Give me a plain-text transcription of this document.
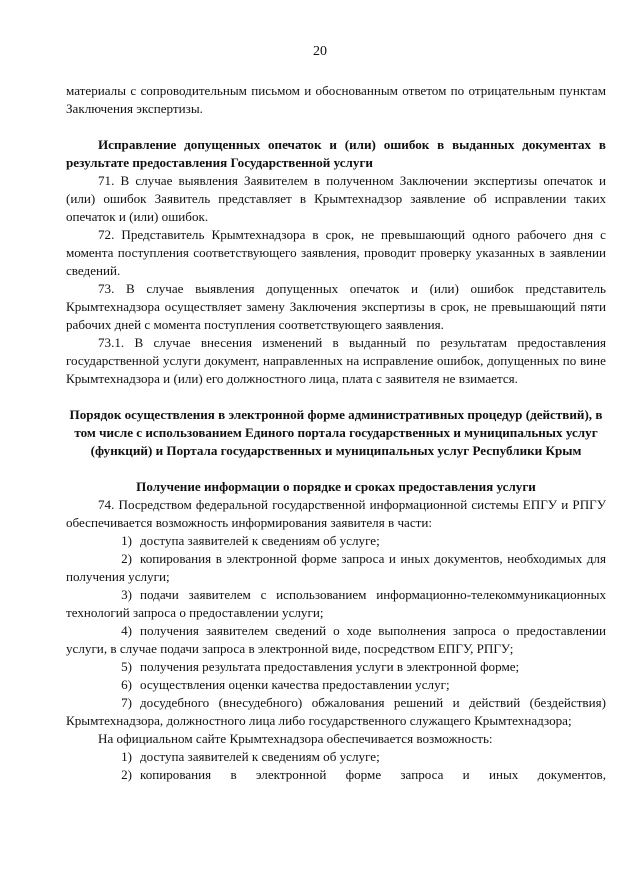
20

материалы с сопроводительным письмом и обоснованным ответом по отрицательным пунктам Заключения экспертизы.

Исправление допущенных опечаток и (или) ошибок в выданных документах в результате предоставления Государственной услуги

71. В случае выявления Заявителем в полученном Заключении экспертизы опечаток и (или) ошибок Заявитель представляет в Крымтехнадзор заявление об исправлении таких опечаток и (или) ошибок.

72. Представитель Крымтехнадзора в срок, не превышающий одного рабочего дня с момента поступления соответствующего заявления, проводит проверку указанных в заявлении сведений.

73. В случае выявления допущенных опечаток и (или) ошибок представитель Крымтехнадзора осуществляет замену Заключения экспертизы в срок, не превышающий пяти рабочих дней с момента поступления соответствующего заявления.

73.1. В случае внесения изменений в выданный по результатам предоставления государственной услуги документ, направленных на исправление ошибок, допущенных по вине Крымтехнадзора и (или) его должностного лица, плата с заявителя не взимается.

Порядок осуществления в электронной форме административных процедур (действий), в том числе с использованием Единого портала государственных и муниципальных услуг (функций) и Портала государственных и муниципальных услуг Республики Крым

Получение информации о порядке и сроках предоставления услуги

74. Посредством федеральной государственной информационной системы ЕПГУ и РПГУ обеспечивается возможность информирования заявителя в части:

1) доступа заявителей к сведениям об услуге;

2) копирования в электронной форме запроса и иных документов, необходимых для получения услуги;

3) подачи заявителем с использованием информационно-телекоммуникационных технологий запроса о предоставлении услуги;

4) получения заявителем сведений о ходе выполнения запроса о предоставлении услуги, в случае подачи запроса в электронной виде, посредством ЕПГУ, РПГУ;

5) получения результата предоставления услуги в электронной форме;
6) осуществления оценки качества предоставлении услуг;

7) досудебного (внесудебного) обжалования решений и действий (бездействия) Крымтехнадзора, должностного лица либо государственного служащего Крымтехнадзора;

На официальном сайте Крымтехнадзора обеспечивается возможность:

1) доступа заявителей к сведениям об услуге;
2) копирования в электронной форме запроса и иных документов,
